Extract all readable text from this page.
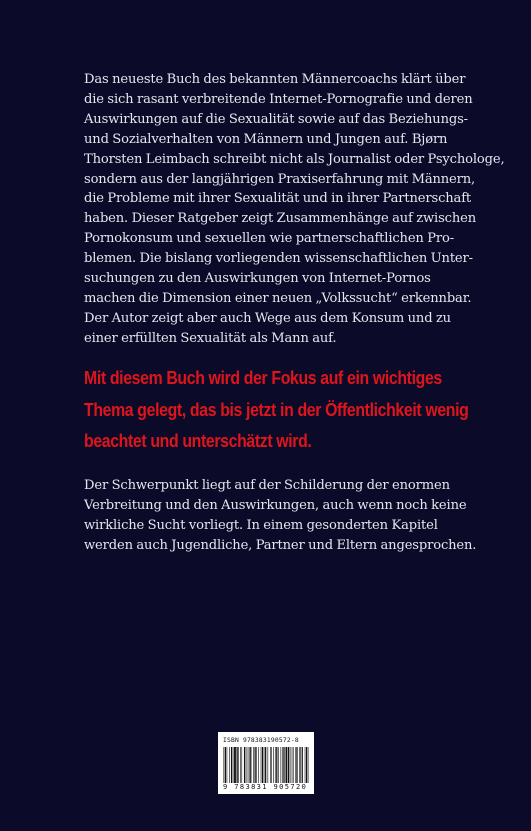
Das neueste Buch des bekannten Männercoachs klärt über
die sich rasant verbreitende Internet-Pornografie und deren
Auswirkungen auf die Sexualität sowie auf das Beziehungs-
und Sozialverhalten von Männern und Jungen auf. Bjørn
Thorsten Leimbach schreibt nicht als Journalist oder Psychologe,
sondern aus der langjährigen Praxiserfahrung mit Männern,
die Probleme mit ihrer Sexualität und in ihrer Partnerschaft
haben. Dieser Ratgeber zeigt Zusammenhänge auf zwischen
Pornokonsum und sexuellen wie partnerschaftlichen Pro-
blemen. Die bislang vorliegenden wissenschaftlichen Unter-
suchungen zu den Auswirkungen von Internet-Pornos
machen die Dimension einer neuen „Volkssucht“ erkennbar.
Der Autor zeigt aber auch Wege aus dem Konsum und zu
einer erfüllten Sexualität als Mann auf.

Mit diesem Buch wird der Fokus auf ein wichtiges
Thema gelegt, das bis jetzt in der Öffentlichkeit wenig
beachtet und unterschätzt wird.

Der Schwerpunkt liegt auf der Schilderung der enormen
Verbreitung und den Auswirkungen, auch wenn noch keine
wirkliche Sucht vorliegt. In einem gesonderten Kapitel
werden auch Jugendliche, Partner und Eltern angesprochen.

ISBN 978383190572-8
9 783831 905720
